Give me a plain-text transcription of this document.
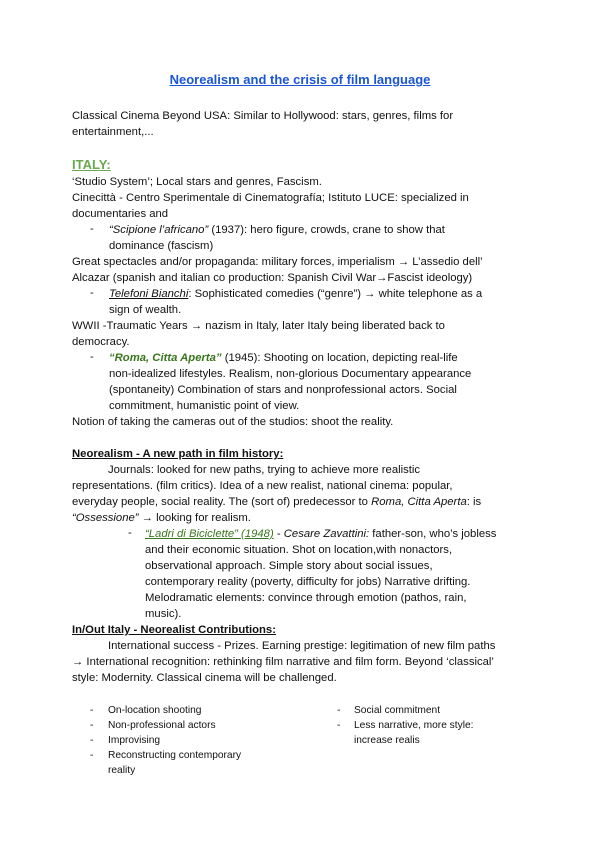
Neorealism and the crisis of film language
Classical Cinema Beyond USA: Similar to Hollywood: stars, genres, films for
entertainment,...
ITALY:
‘Studio System’; Local stars and genres, Fascism.
Cinecittà - Centro Sperimentale di Cinematografía; Istituto LUCE: specialized in
documentaries and
- “Scipione l’africano” (1937): hero figure, crowds, crane to show that
dominance (fascism)
Great spectacles and/or propaganda: military forces, imperialism → L’assedio dell’
Alcazar (spanish and italian co production: Spanish Civil War→Fascist ideology)
- Telefoni Bianchi: Sophisticated comedies (“genre”) → white telephone as a
sign of wealth.
WWII -Traumatic Years → nazism in Italy, later Italy being liberated back to
democracy.
- “Roma, Citta Aperta” (1945): Shooting on location, depicting real-life
non-idealized lifestyles. Realism, non-glorious Documentary appearance
(spontaneity) Combination of stars and nonprofessional actors. Social
commitment, humanistic point of view.
Notion of taking the cameras out of the studios: shoot the reality.
Neorealism - A new path in film history:
Journals: looked for new paths, trying to achieve more realistic
representations. (film critics). Idea of a new realist, national cinema: popular,
everyday people, social reality. The (sort of) predecessor to Roma, Citta Aperta: is
“Ossessione” → looking for realism.
- “Ladri di Biciclette” (1948) - Cesare Zavattini: father-son, who’s jobless
and their economic situation. Shot on location,with nonactors,
observational approach. Simple story about social issues,
contemporary reality (poverty, difficulty for jobs) Narrative drifting.
Melodramatic elements: convince through emotion (pathos, rain,
music).
In/Out Italy - Neorealist Contributions:
International success - Prizes. Earning prestige: legitimation of new film paths
→ International recognition: rethinking film narrative and film form. Beyond ‘classical’
style: Modernity. Classical cinema will be challenged.
- On-location shooting
- Non-professional actors
- Improvising
- Reconstructing contemporary
reality
- Social commitment
- Less narrative, more style:
increase realis
